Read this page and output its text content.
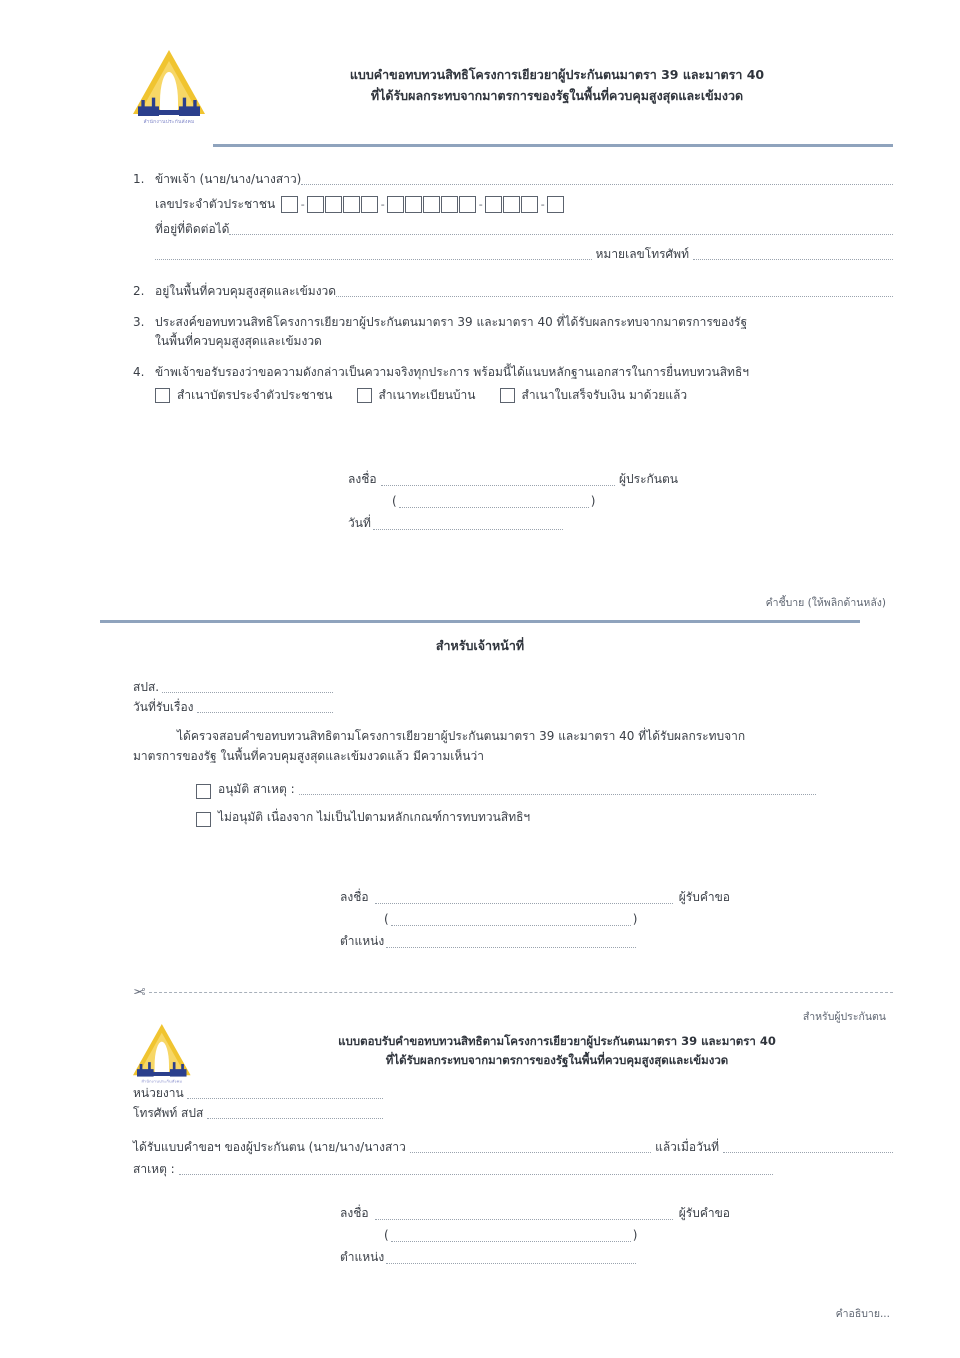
สำนักงานประกันสังคม
แบบคำขอทบทวนสิทธิโครงการเยียวยาผู้ประกันตนมาตรา 39 และมาตรา 40
ที่ได้รับผลกระทบจากมาตรการของรัฐในพื้นที่ควบคุมสูงสุดและเข้มงวด
1. ข้าพเจ้า (นาย/นาง/นางสาว)
เลขประจำตัวประชาชน -	-	-	-
ที่อยู่ที่ติดต่อได้
หมายเลขโทรศัพท์
2. อยู่ในพื้นที่ควบคุมสูงสุดและเข้มงวด
3. ประสงค์ขอทบทวนสิทธิโครงการเยียวยาผู้ประกันตนมาตรา 39 และมาตรา 40 ที่ได้รับผลกระทบจากมาตรการของรัฐ
ในพื้นที่ควบคุมสูงสุดและเข้มงวด
4. ข้าพเจ้าขอรับรองว่าขอความดังกล่าวเป็นความจริงทุกประการ พร้อมนี้ได้แนบหลักฐานเอกสารในการยื่นทบทวนสิทธิฯ
สำเนาบัตรประจำตัวประชาชน	สำเนาทะเบียนบ้าน	สำเนาใบเสร็จรับเงิน มาด้วยแล้ว
ลงชื่อ	ผู้ประกันตน
(	)
วันที่
คำชี้บาย (ให้พลิกด้านหลัง)
สำหรับเจ้าหน้าที่
สปส.
วันที่รับเรื่อง
ได้ครวจสอบคำขอทบทวนสิทธิตามโครงการเยียวยาผู้ประกันตนมาตรา 39 และมาตรา 40 ที่ได้รับผลกระทบจาก
มาตรการของรัฐ ในพื้นที่ควบคุมสูงสุดและเข้มงวดแล้ว มีความเห็นว่า
อนุมัติ สาเหตุ :
ไม่อนุมัติ เนื่องจาก ไม่เป็นไปตามหลักเกณฑ์การทบทวนสิทธิฯ
ลงชื่อ	ผู้รับคำขอ
(	)
ตำแหน่ง
✂
สำหรับผู้ประกันตน
สำนักงานประกันสังคม
แบบตอบรับคำขอทบทวนสิทธิตามโครงการเยียวยาผู้ประกันตนมาตรา 39 และมาตรา 40
ที่ได้รับผลกระทบจากมาตรการของรัฐในพื้นที่ควบคุมสูงสุดและเข้มงวด
หน่วยงาน
โทรศัพท์ สปส
ได้รับแบบคำขอฯ ของผู้ประกันตน (นาย/นาง/นางสาว	แล้วเมื่อวันที่
สาเหตุ :
ลงชื่อ	ผู้รับคำขอ
(	)
ตำแหน่ง
คำอธิบาย...
